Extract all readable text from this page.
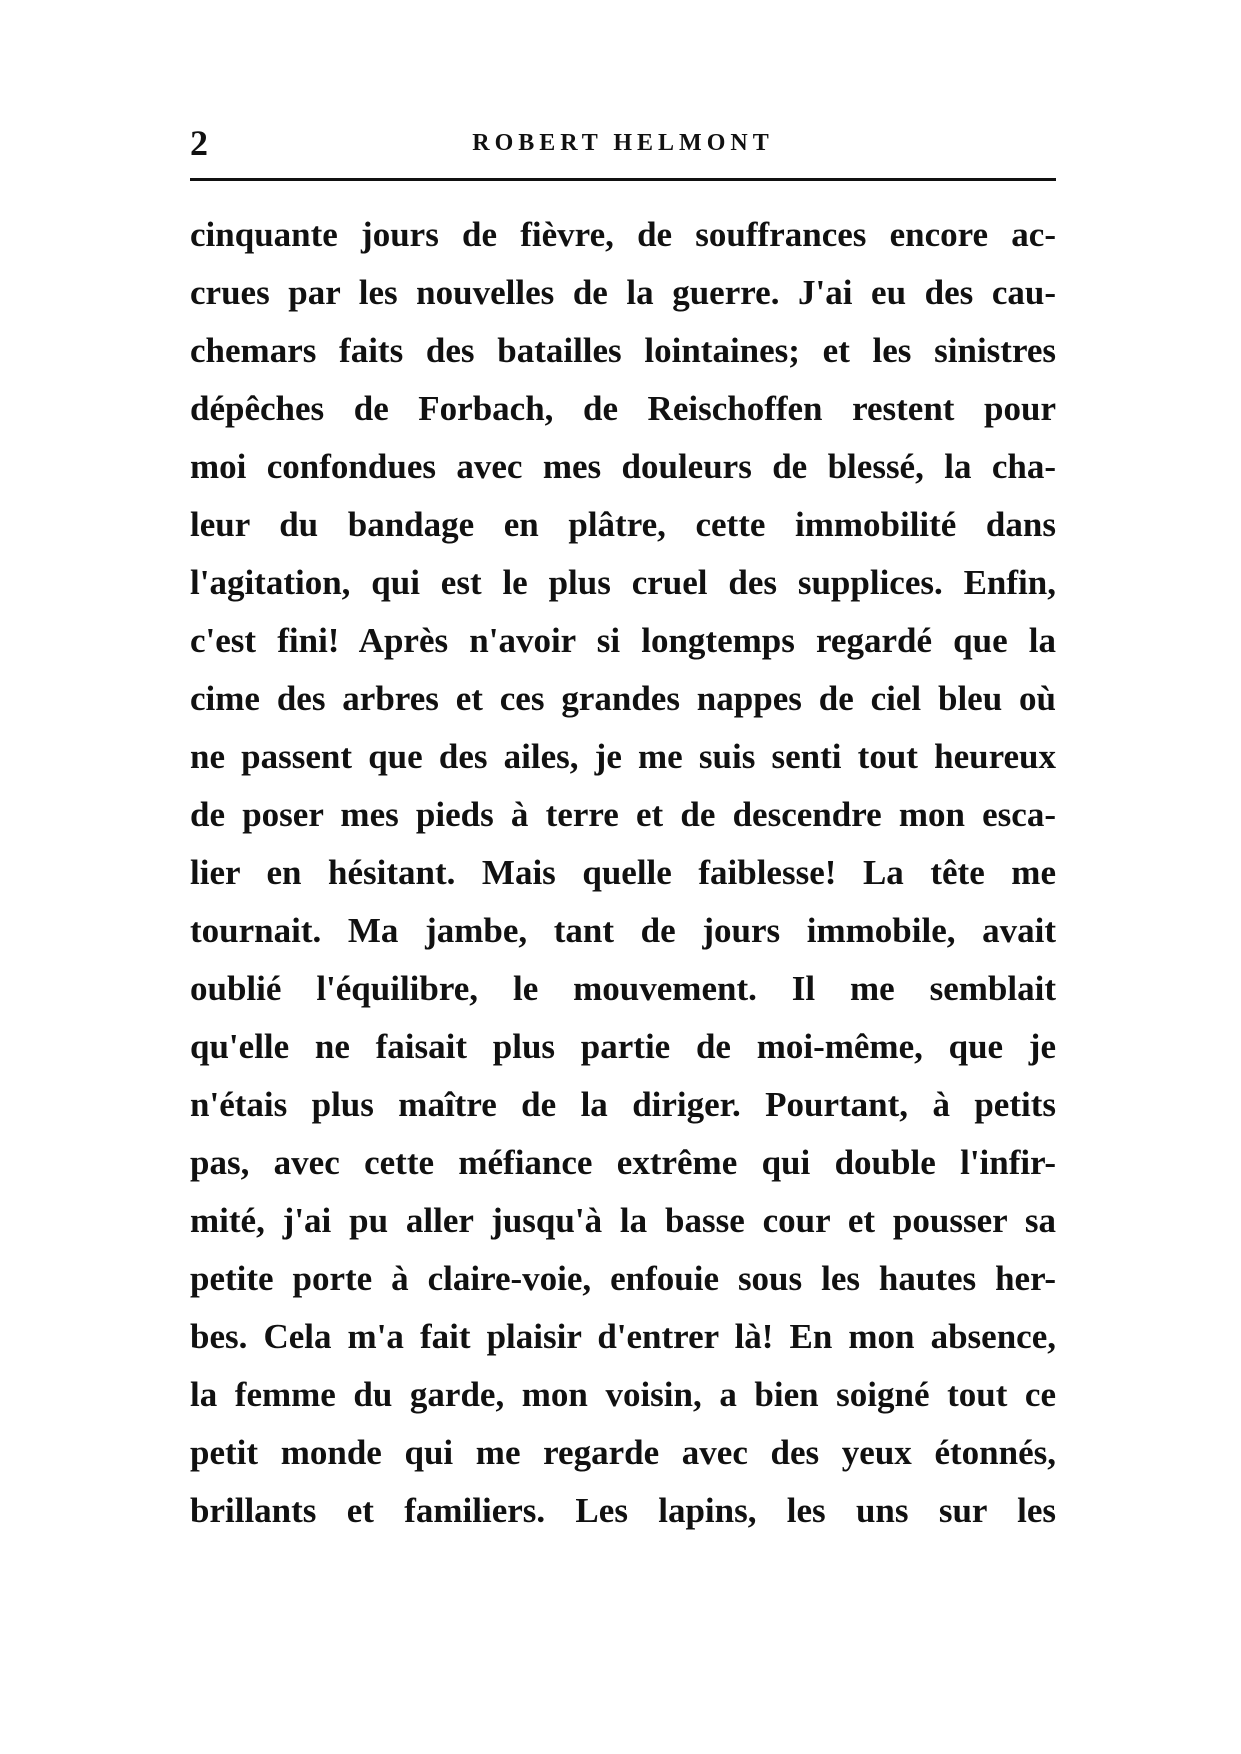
2	ROBERT HELMONT
cinquante jours de fièvre, de souffrances encore ac-
crues par les nouvelles de la guerre. J'ai eu des cau-
chemars faits des batailles lointaines; et les sinistres
dépêches de Forbach, de Reischoffen restent pour
moi confondues avec mes douleurs de blessé, la cha-
leur du bandage en plâtre, cette immobilité dans
l'agitation, qui est le plus cruel des supplices. Enfin,
c'est fini! Après n'avoir si longtemps regardé que la
cime des arbres et ces grandes nappes de ciel bleu où
ne passent que des ailes, je me suis senti tout heureux
de poser mes pieds à terre et de descendre mon esca-
lier en hésitant. Mais quelle faiblesse! La tête me
tournait. Ma jambe, tant de jours immobile, avait
oublié l'équilibre, le mouvement. Il me semblait
qu'elle ne faisait plus partie de moi-même, que je
n'étais plus maître de la diriger. Pourtant, à petits
pas, avec cette méfiance extrême qui double l'infir-
mité, j'ai pu aller jusqu'à la basse cour et pousser sa
petite porte à claire-voie, enfouie sous les hautes her-
bes. Cela m'a fait plaisir d'entrer là! En mon absence,
la femme du garde, mon voisin, a bien soigné tout ce
petit monde qui me regarde avec des yeux étonnés,
brillants et familiers. Les lapins, les uns sur les
